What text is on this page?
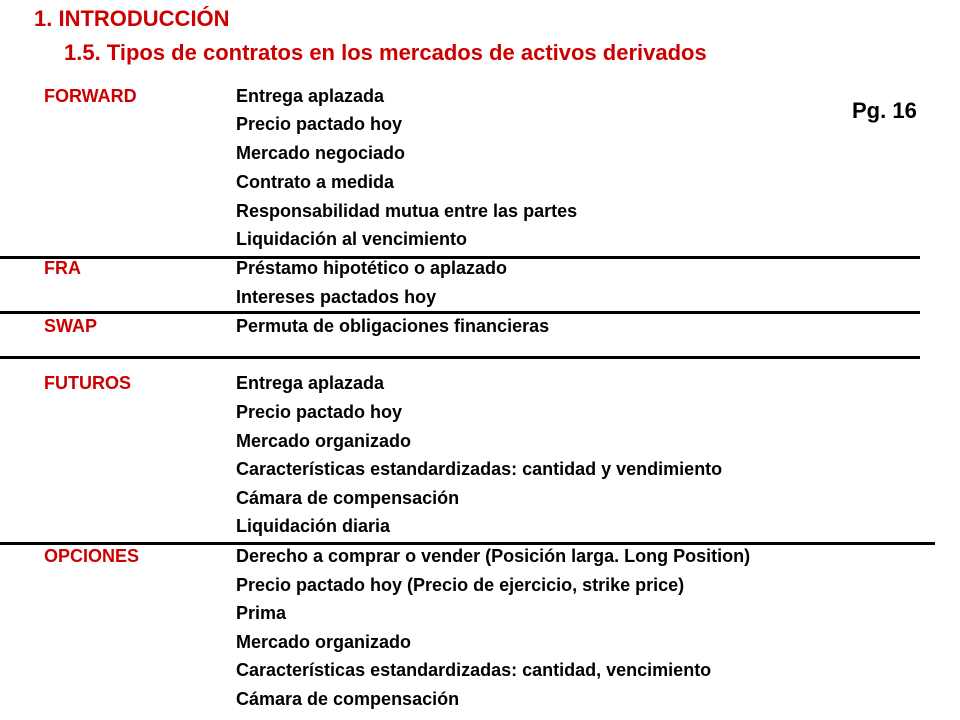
1. INTRODUCCIÓN
1.5. Tipos de contratos en los mercados de activos derivados
Pg. 16
FORWARD	Entrega aplazada
Precio pactado hoy
Mercado negociado
Contrato a medida
Responsabilidad mutua entre las partes
Liquidación al vencimiento
FRA	Préstamo hipotético o aplazado
Intereses pactados hoy
SWAP	Permuta de obligaciones financieras
FUTUROS	Entrega aplazada
Precio pactado hoy
Mercado organizado
Características estandardizadas: cantidad y vendimiento
Cámara de compensación
Liquidación diaria
OPCIONES	Derecho a comprar o vender (Posición larga. Long Position)
Precio pactado hoy (Precio de ejercicio, strike price)
Prima
Mercado organizado
Características estandardizadas: cantidad, vencimiento
Cámara de compensación
